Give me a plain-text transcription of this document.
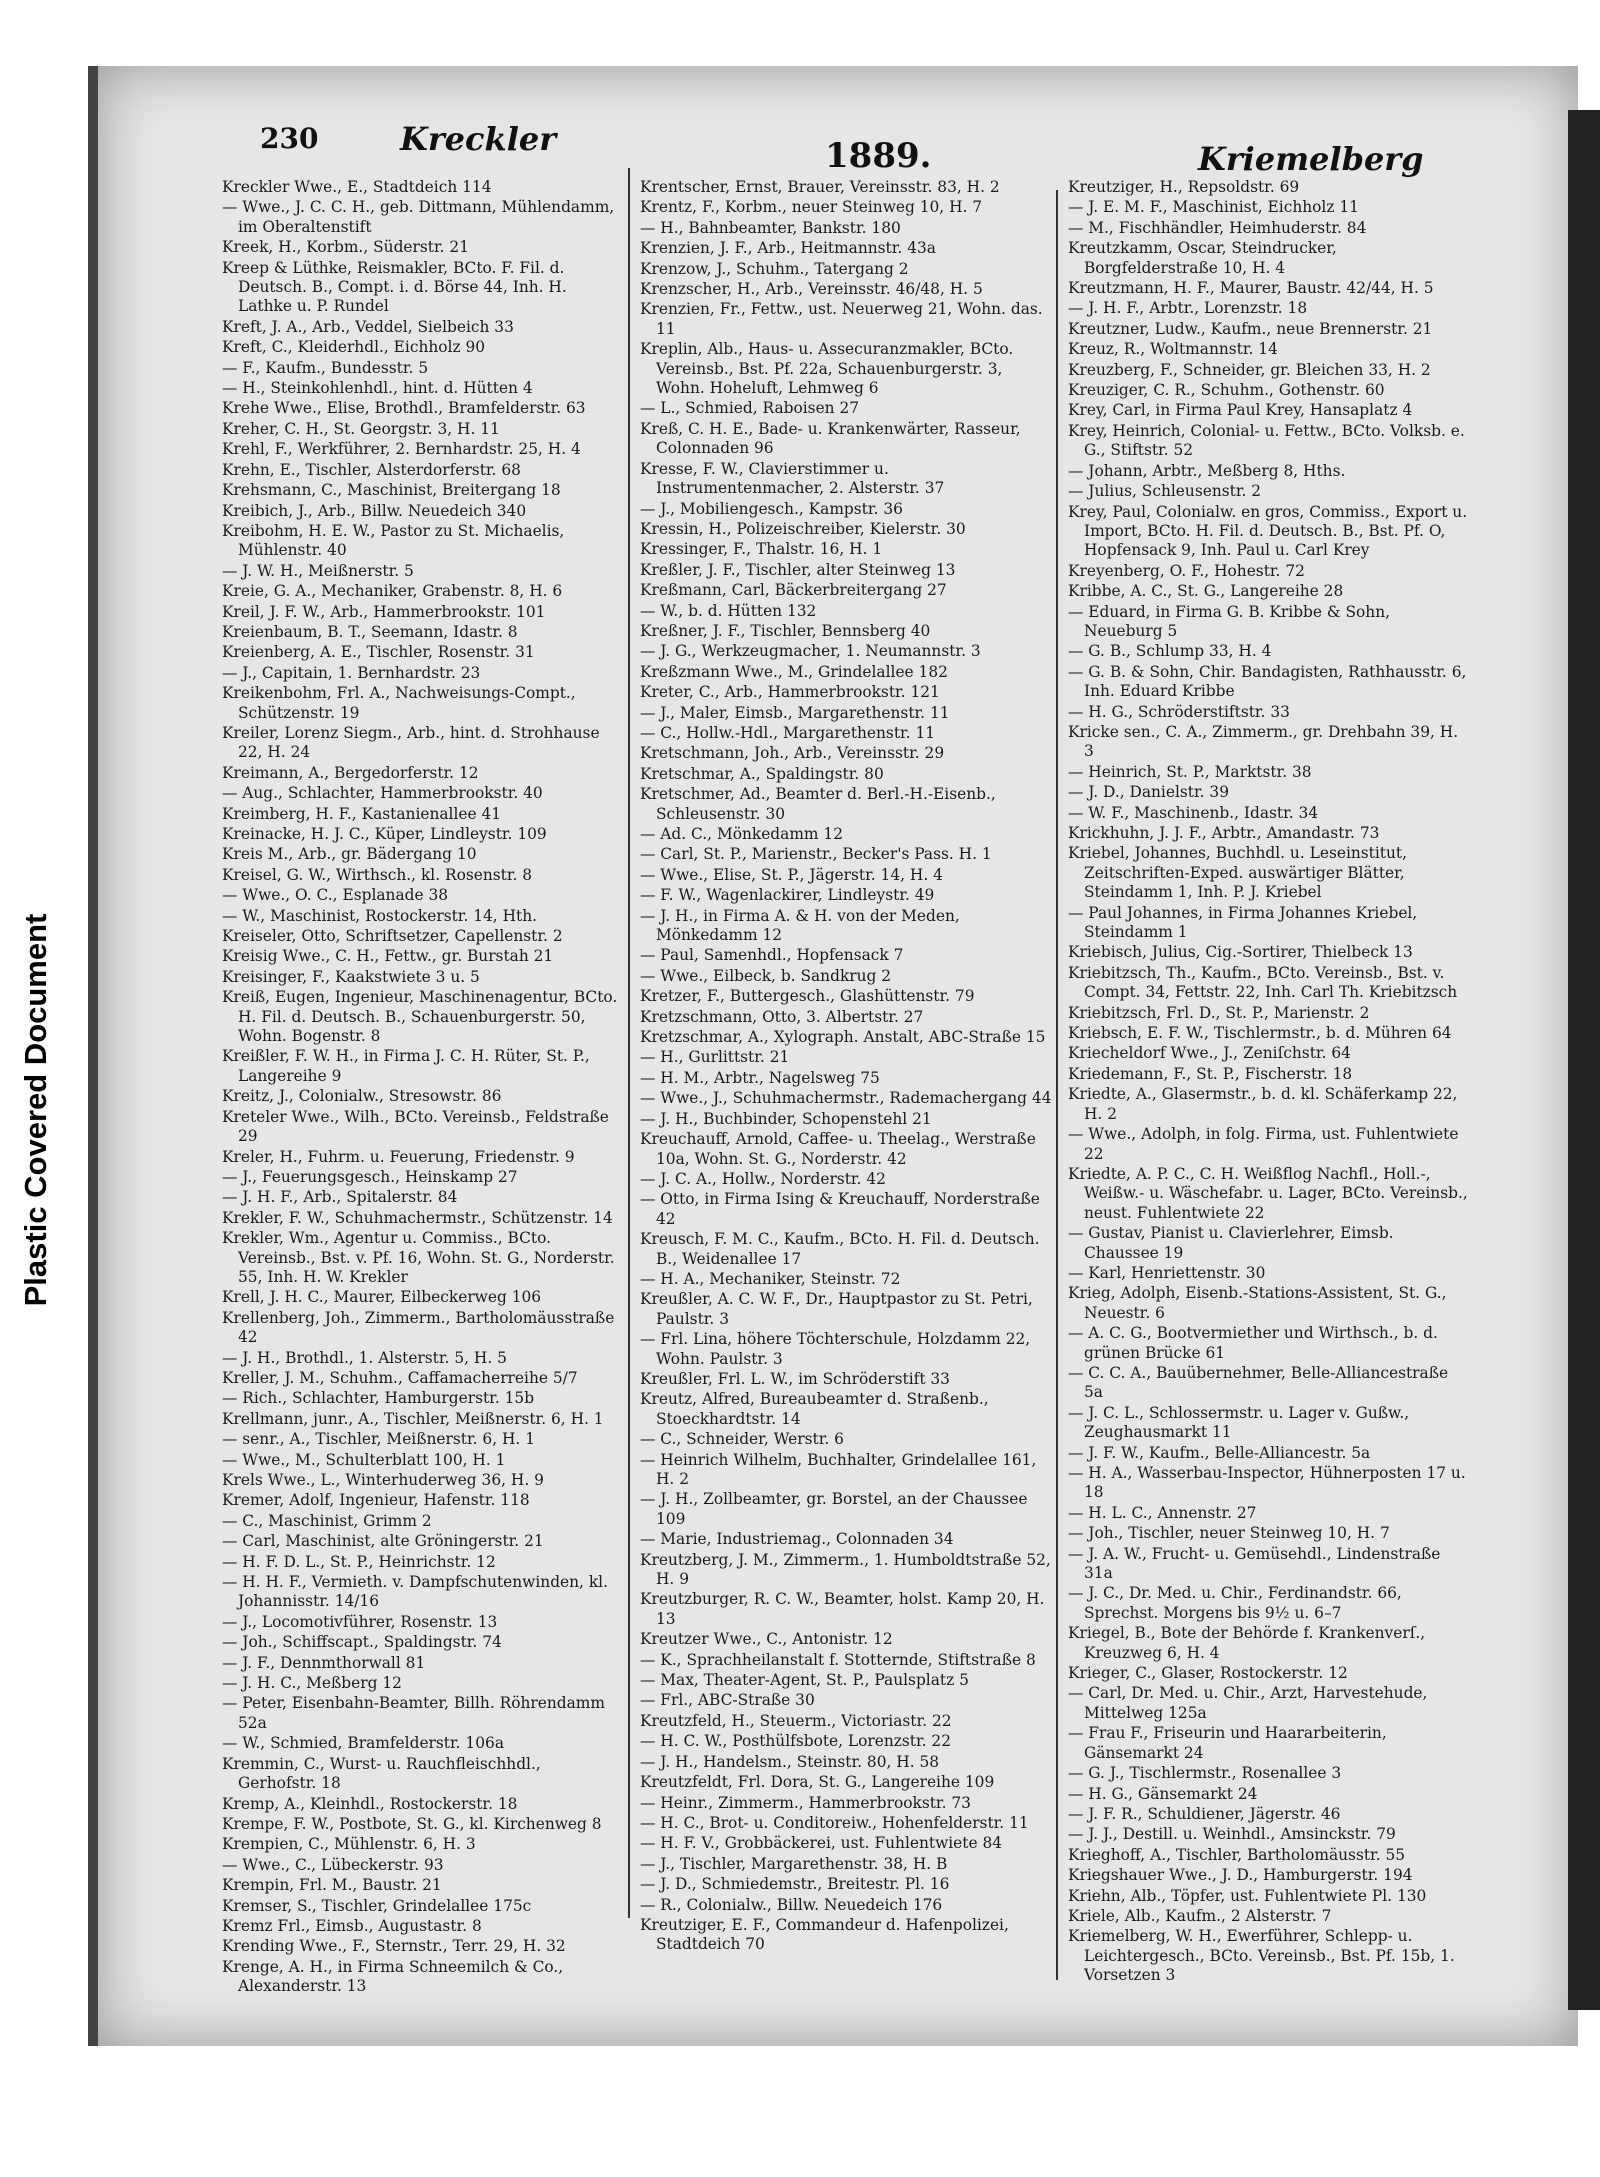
Plastic Covered Document
230	Kreckler	1889.	Kriemelberg
Kreckler Wwe., E., Stadtdeich 114
— Wwe., J. C. C. H., geb. Dittmann, Mühlendamm, im Oberaltenstift
Kreek, H., Korbm., Süderstr. 21
Kreep & Lüthke, Reismakler, BCto. F. Fil. d. Deutsch. B., Compt. i. d. Börse 44, Inh. H. Lathke u. P. Rundel
Kreft, J. A., Arb., Veddel, Sielbeich 33
Kreft, C., Kleiderhdl., Eichholz 90
— F., Kaufm., Bundesstr. 5
— H., Steinkohlenhdl., hint. d. Hütten 4
Krehe Wwe., Elise, Brothdl., Bramfelderstr. 63
Kreher, C. H., St. Georgstr. 3, H. 11
Krehl, F., Werkführer, 2. Bernhardstr. 25, H. 4
Krehn, E., Tischler, Alsterdorferstr. 68
Krehsmann, C., Maschinist, Breitergang 18
Kreibich, J., Arb., Billw. Neuedeich 340
Kreibohm, H. E. W., Pastor zu St. Michaelis, Mühlenstr. 40
— J. W. H., Meißnerstr. 5
Kreie, G. A., Mechaniker, Grabenstr. 8, H. 6
Kreil, J. F. W., Arb., Hammerbrookstr. 101
Kreienbaum, B. T., Seemann, Idastr. 8
Kreienberg, A. E., Tischler, Rosenstr. 31
— J., Capitain, 1. Bernhardstr. 23
Kreikenbohm, Frl. A., Nachweisungs-Compt., Schützenstr. 19
Kreiler, Lorenz Siegm., Arb., hint. d. Strohhause 22, H. 24
Kreimann, A., Bergedorferstr. 12
— Aug., Schlachter, Hammerbrookstr. 40
Kreimberg, H. F., Kastanienallee 41
Kreinacke, H. J. C., Küper, Lindleystr. 109
Kreis M., Arb., gr. Bädergang 10
Kreisel, G. W., Wirthsch., kl. Rosenstr. 8
— Wwe., O. C., Esplanade 38
— W., Maschinist, Rostockerstr. 14, Hth.
Kreiseler, Otto, Schriftsetzer, Capellenstr. 2
Kreisig Wwe., C. H., Fettw., gr. Burstah 21
Kreisinger, F., Kaakstwiete 3 u. 5
Kreiß, Eugen, Ingenieur, Maschinenagentur, BCto. H. Fil. d. Deutsch. B., Schauenburgerstr. 50, Wohn. Bogenstr. 8
Kreißler, F. W. H., in Firma J. C. H. Rüter, St. P., Langereihe 9
Kreitz, J., Colonialw., Stresowstr. 86
Kreteler Wwe., Wilh., BCto. Vereinsb., Feldstraße 29
Kreler, H., Fuhrm. u. Feuerung, Friedenstr. 9
— J., Feuerungsgesch., Heinskamp 27
— J. H. F., Arb., Spitalerstr. 84
Krekler, F. W., Schuhmachermstr., Schützenstr. 14
Krekler, Wm., Agentur u. Commiss., BCto. Vereinsb., Bst. v. Pf. 16, Wohn. St. G., Norderstr. 55, Inh. H. W. Krekler
Krell, J. H. C., Maurer, Eilbeckerweg 106
Krellenberg, Joh., Zimmerm., Bartholomäusstraße 42
— J. H., Brothdl., 1. Alsterstr. 5, H. 5
Kreller, J. M., Schuhm., Caffamacherreihe 5/7
— Rich., Schlachter, Hamburgerstr. 15b
Krellmann, junr., A., Tischler, Meißnerstr. 6, H. 1
— senr., A., Tischler, Meißnerstr. 6, H. 1
— Wwe., M., Schulterblatt 100, H. 1
Krels Wwe., L., Winterhuderweg 36, H. 9
Kremer, Adolf, Ingenieur, Hafenstr. 118
— C., Maschinist, Grimm 2
— Carl, Maschinist, alte Gröningerstr. 21
— H. F. D. L., St. P., Heinrichstr. 12
— H. H. F., Vermieth. v. Dampfschutenwinden, kl. Johannisstr. 14/16
— J., Locomotivführer, Rosenstr. 13
— Joh., Schiffscapt., Spaldingstr. 74
— J. F., Dennmthorwall 81
— J. H. C., Meßberg 12
— Peter, Eisenbahn-Beamter, Billh. Röhrendamm 52a
— W., Schmied, Bramfelderstr. 106a
Kremmin, C., Wurst- u. Rauchfleischhdl., Gerhofstr. 18
Kremp, A., Kleinhdl., Rostockerstr. 18
Krempe, F. W., Postbote, St. G., kl. Kirchenweg 8
Krempien, C., Mühlenstr. 6, H. 3
— Wwe., C., Lübeckerstr. 93
Krempin, Frl. M., Baustr. 21
Kremser, S., Tischler, Grindelallee 175c
Kremz Frl., Eimsb., Augustastr. 8
Krending Wwe., F., Sternstr., Terr. 29, H. 32
Krenge, A. H., in Firma Schneemilch & Co., Alexanderstr. 13
Krentscher, Ernst, Brauer, Vereinsstr. 83, H. 2
Krentz, F., Korbm., neuer Steinweg 10, H. 7
— H., Bahnbeamter, Bankstr. 180
Krenzien, J. F., Arb., Heitmannstr. 43a
Krenzow, J., Schuhm., Tatergang 2
Krenzscher, H., Arb., Vereinsstr. 46/48, H. 5
Krenzien, Fr., Fettw., ust. Neuerweg 21, Wohn. das. 11
Kreplin, Alb., Haus- u. Assecuranzmakler, BCto. Vereinsb., Bst. Pf. 22a, Schauenburgerstr. 3, Wohn. Hoheluft, Lehmweg 6
— L., Schmied, Raboisen 27
Kreß, C. H. E., Bade- u. Krankenwärter, Rasseur, Colonnaden 96
Kresse, F. W., Clavierstimmer u. Instrumentenmacher, 2. Alsterstr. 37
— J., Mobiliengesch., Kampstr. 36
Kressin, H., Polizeischreiber, Kielerstr. 30
Kressinger, F., Thalstr. 16, H. 1
Kreßler, J. F., Tischler, alter Steinweg 13
Kreßmann, Carl, Bäckerbreitergang 27
— W., b. d. Hütten 132
Kreßner, J. F., Tischler, Bennsberg 40
— J. G., Werkzeugmacher, 1. Neumannstr. 3
Kreßzmann Wwe., M., Grindelallee 182
Kreter, C., Arb., Hammerbrookstr. 121
— J., Maler, Eimsb., Margarethenstr. 11
— C., Hollw.-Hdl., Margarethenstr. 11
Kretschmann, Joh., Arb., Vereinsstr. 29
Kretschmar, A., Spaldingstr. 80
Kretschmer, Ad., Beamter d. Berl.-H.-Eisenb., Schleusenstr. 30
— Ad. C., Mönkedamm 12
— Carl, St. P., Marienstr., Becker's Pass. H. 1
— Wwe., Elise, St. P., Jägerstr. 14, H. 4
— F. W., Wagenlackirer, Lindleystr. 49
— J. H., in Firma A. & H. von der Meden, Mönkedamm 12
— Paul, Samenhdl., Hopfensack 7
— Wwe., Eilbeck, b. Sandkrug 2
Kretzer, F., Buttergesch., Glashüttenstr. 79
Kretzschmann, Otto, 3. Albertstr. 27
Kretzschmar, A., Xylograph. Anstalt, ABC-Straße 15
— H., Gurlittstr. 21
— H. M., Arbtr., Nagelsweg 75
— Wwe., J., Schuhmachermstr., Rademachergang 44
— J. H., Buchbinder, Schopenstehl 21
Kreuchauff, Arnold, Caffee- u. Theelag., Werstraße 10a, Wohn. St. G., Norderstr. 42
— J. C. A., Hollw., Norderstr. 42
— Otto, in Firma Ising & Kreuchauff, Norderstraße 42
Kreusch, F. M. C., Kaufm., BCto. H. Fil. d. Deutsch. B., Weidenallee 17
— H. A., Mechaniker, Steinstr. 72
Kreußler, A. C. W. F., Dr., Hauptpastor zu St. Petri, Paulstr. 3
— Frl. Lina, höhere Töchterschule, Holzdamm 22, Wohn. Paulstr. 3
Kreußler, Frl. L. W., im Schröderstift 33
Kreutz, Alfred, Bureaubeamter d. Straßenb., Stoeckhardtstr. 14
— C., Schneider, Werstr. 6
— Heinrich Wilhelm, Buchhalter, Grindelallee 161, H. 2
— J. H., Zollbeamter, gr. Borstel, an der Chaussee 109
— Marie, Industriemag., Colonnaden 34
Kreutzberg, J. M., Zimmerm., 1. Humboldtstraße 52, H. 9
Kreutzburger, R. C. W., Beamter, holst. Kamp 20, H. 13
Kreutzer Wwe., C., Antonistr. 12
— K., Sprachheilanstalt f. Stotternde, Stiftstraße 8
— Max, Theater-Agent, St. P., Paulsplatz 5
— Frl., ABC-Straße 30
Kreutzfeld, H., Steuerm., Victoriastr. 22
— H. C. W., Posthülfsbote, Lorenzstr. 22
— J. H., Handelsm., Steinstr. 80, H. 58
Kreutzfeldt, Frl. Dora, St. G., Langereihe 109
— Heinr., Zimmerm., Hammerbrookstr. 73
— H. C., Brot- u. Conditoreiw., Hohenfelderstr. 11
— H. F. V., Grobbäckerei, ust. Fuhlentwiete 84
— J., Tischler, Margarethenstr. 38, H. B
— J. D., Schmiedemstr., Breitestr. Pl. 16
— R., Colonialw., Billw. Neuedeich 176
Kreutziger, E. F., Commandeur d. Hafenpolizei, Stadtdeich 70
Kreutziger, H., Repsoldstr. 69
— J. E. M. F., Maschinist, Eichholz 11
— M., Fischhändler, Heimhuderstr. 84
Kreutzkamm, Oscar, Steindrucker, Borgfelderstraße 10, H. 4
Kreutzmann, H. F., Maurer, Baustr. 42/44, H. 5
— J. H. F., Arbtr., Lorenzstr. 18
Kreutzner, Ludw., Kaufm., neue Brennerstr. 21
Kreuz, R., Woltmannstr. 14
Kreuzberg, F., Schneider, gr. Bleichen 33, H. 2
Kreuziger, C. R., Schuhm., Gothenstr. 60
Krey, Carl, in Firma Paul Krey, Hansaplatz 4
Krey, Heinrich, Colonial- u. Fettw., BCto. Volksb. e. G., Stiftstr. 52
— Johann, Arbtr., Meßberg 8, Hths.
— Julius, Schleusenstr. 2
Krey, Paul, Colonialw. en gros, Commiss., Export u. Import, BCto. H. Fil. d. Deutsch. B., Bst. Pf. O, Hopfensack 9, Inh. Paul u. Carl Krey
Kreyenberg, O. F., Hohestr. 72
Kribbe, A. C., St. G., Langereihe 28
— Eduard, in Firma G. B. Kribbe & Sohn, Neueburg 5
— G. B., Schlump 33, H. 4
— G. B. & Sohn, Chir. Bandagisten, Rathhausstr. 6, Inh. Eduard Kribbe
— H. G., Schröderstiftstr. 33
Kricke sen., C. A., Zimmerm., gr. Drehbahn 39, H. 3
— Heinrich, St. P., Marktstr. 38
— J. D., Danielstr. 39
— W. F., Maschinenb., Idastr. 34
Krickhuhn, J. J. F., Arbtr., Amandastr. 73
Kriebel, Johannes, Buchhdl. u. Leseinstitut, Zeitschriften-Exped. auswärtiger Blätter, Steindamm 1, Inh. P. J. Kriebel
— Paul Johannes, in Firma Johannes Kriebel, Steindamm 1
Kriebisch, Julius, Cig.-Sortirer, Thielbeck 13
Kriebitzsch, Th., Kaufm., BCto. Vereinsb., Bst. v. Compt. 34, Fettstr. 22, Inh. Carl Th. Kriebitzsch
Kriebitzsch, Frl. D., St. P., Marienstr. 2
Kriebsch, E. F. W., Tischlermstr., b. d. Mühren 64
Kriecheldorf Wwe., J., Zeniſchstr. 64
Kriedemann, F., St. P., Fischerstr. 18
Kriedte, A., Glasermstr., b. d. kl. Schäferkamp 22, H. 2
— Wwe., Adolph, in folg. Firma, ust. Fuhlentwiete 22
Kriedte, A. P. C., C. H. Weißflog Nachfl., Holl.-, Weißw.- u. Wäschefabr. u. Lager, BCto. Vereinsb., neust. Fuhlentwiete 22
— Gustav, Pianist u. Clavierlehrer, Eimsb. Chaussee 19
— Karl, Henriettenstr. 30
Krieg, Adolph, Eisenb.-Stations-Assistent, St. G., Neuestr. 6
— A. C. G., Bootvermiether und Wirthsch., b. d. grünen Brücke 61
— C. C. A., Bauübernehmer, Belle-Alliancestraße 5a
— J. C. L., Schlossermstr. u. Lager v. Gußw., Zeughausmarkt 11
— J. F. W., Kaufm., Belle-Alliancestr. 5a
— H. A., Wasserbau-Inspector, Hühnerposten 17 u. 18
— H. L. C., Annenstr. 27
— Joh., Tischler, neuer Steinweg 10, H. 7
— J. A. W., Frucht- u. Gemüsehdl., Lindenstraße 31a
— J. C., Dr. Med. u. Chir., Ferdinandstr. 66, Sprechst. Morgens bis 9½ u. 6–7
Kriegel, B., Bote der Behörde f. Krankenverſ., Kreuzweg 6, H. 4
Krieger, C., Glaser, Rostockerstr. 12
— Carl, Dr. Med. u. Chir., Arzt, Harvestehude, Mittelweg 125a
— Frau F., Friseurin und Haararbeiterin, Gänsemarkt 24
— G. J., Tischlermstr., Rosenallee 3
— H. G., Gänsemarkt 24
— J. F. R., Schuldiener, Jägerstr. 46
— J. J., Destill. u. Weinhdl., Amsinckstr. 79
Krieghoff, A., Tischler, Bartholomäusstr. 55
Kriegshauer Wwe., J. D., Hamburgerstr. 194
Kriehn, Alb., Töpfer, ust. Fuhlentwiete Pl. 130
Kriele, Alb., Kaufm., 2 Alsterstr. 7
Kriemelberg, W. H., Ewerführer, Schlepp- u. Leichtergesch., BCto. Vereinsb., Bst. Pf. 15b, 1. Vorsetzen 3
